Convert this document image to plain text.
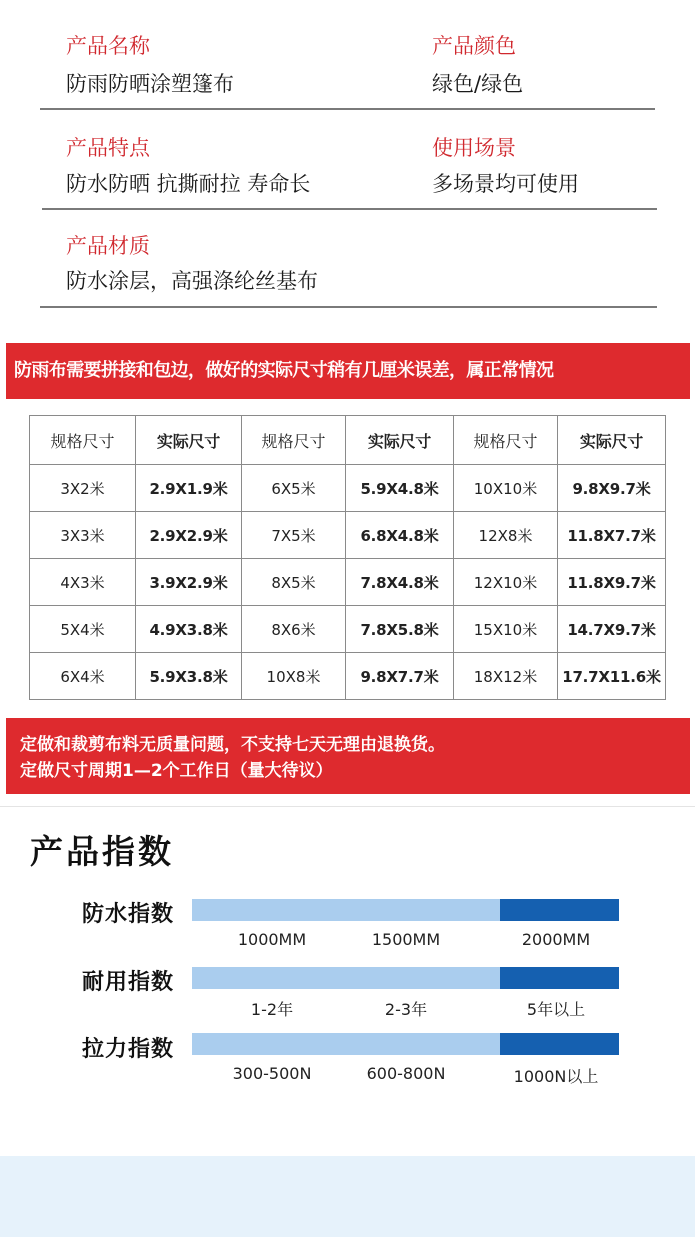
产品名称
防雨防晒涂塑篷布
产品颜色
绿色/绿色
产品特点
防水防晒 抗撕耐拉 寿命长
使用场景
多场景均可使用
产品材质
防水涂层，高强涤纶丝基布
防雨布需要拼接和包边，做好的实际尺寸稍有几厘米误差，属正常情况
规格尺寸	实际尺寸	规格尺寸	实际尺寸	规格尺寸	实际尺寸
3X2米	2.9X1.9米	6X5米	5.9X4.8米	10X10米	9.8X9.7米
3X3米	2.9X2.9米	7X5米	6.8X4.8米	12X8米	11.8X7.7米
4X3米	3.9X2.9米	8X5米	7.8X4.8米	12X10米	11.8X9.7米
5X4米	4.9X3.8米	8X6米	7.8X5.8米	15X10米	14.7X9.7米
6X4米	5.9X3.8米	10X8米	9.8X7.7米	18X12米	17.7X11.6米
定做和裁剪布料无质量问题，不支持七天无理由退换货。
定做尺寸周期1—2个工作日（量大待议）
产品指数
防水指数
1000MM	1500MM	2000MM
耐用指数
1-2年	2-3年	5年以上
拉力指数
300-500N	600-800N	1000N以上
